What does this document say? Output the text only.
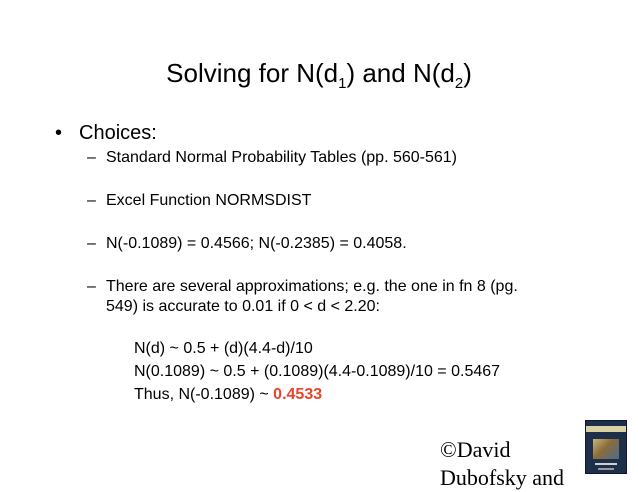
Solving for $N(d_1)$ and $N(d_2)$
• Choices:
– Standard Normal Probability Tables (pp. 560-561)
– Excel Function NORMSDIST
– N(-0.1089) = 0.4566; N(-0.2385) = 0.4058.
– There are several approximations; e.g. the one in fn 8 (pg.
549) is accurate to 0.01 if 0 < d < 2.20:
N(d) ~ 0.5 + (d)(4.4-d)/10
N(0.1089) ~ 0.5 + (0.1089)(4.4-0.1089)/10 = 0.5467
Thus, N(-0.1089) ~ 0.4533
©David
Dubofsky and
